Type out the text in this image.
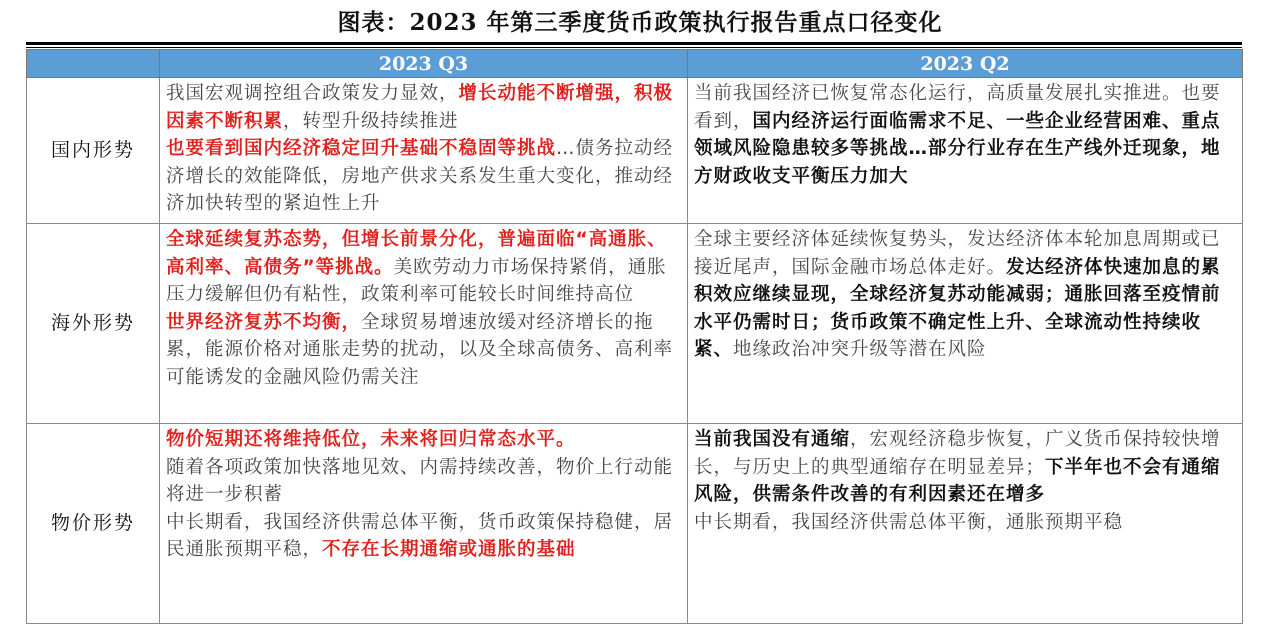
图表：2023 年第三季度货币政策执行报告重点口径变化
	2023 Q3	2023 Q2
国内形势	我国宏观调控组合政策发力显效，增长动能不断增强，积极因素不断积累，转型升级持续推进
也要看到国内经济稳定回升基础不稳固等挑战…债务拉动经济增长的效能降低，房地产供求关系发生重大变化，推动经济加快转型的紧迫性上升	当前我国经济已恢复常态化运行，高质量发展扎实推进。也要看到，国内经济运行面临需求不足、一些企业经营困难、重点领域风险隐患较多等挑战…部分行业存在生产线外迁现象，地方财政收支平衡压力加大

海外形势	全球延续复苏态势，但增长前景分化，普遍面临“高通胀、高利率、高债务”等挑战。美欧劳动力市场保持紧俏，通胀压力缓解但仍有粘性，政策利率可能较长时间维持高位
世界经济复苏不均衡，全球贸易增速放缓对经济增长的拖累，能源价格对通胀走势的扰动，以及全球高债务、高利率可能诱发的金融风险仍需关注	全球主要经济体延续恢复势头，发达经济体本轮加息周期或已接近尾声，国际金融市场总体走好。发达经济体快速加息的累积效应继续显现，全球经济复苏动能减弱；通胀回落至疫情前水平仍需时日；货币政策不确定性上升、全球流动性持续收紧、地缘政治冲突升级等潜在风险

物价形势	物价短期还将维持低位，未来将回归常态水平。
随着各项政策加快落地见效、内需持续改善，物价上行动能将进一步积蓄
中长期看，我国经济供需总体平衡，货币政策保持稳健，居民通胀预期平稳，不存在长期通缩或通胀的基础	当前我国没有通缩，宏观经济稳步恢复，广义货币保持较快增长，与历史上的典型通缩存在明显差异；下半年也不会有通缩风险，供需条件改善的有利因素还在增多
中长期看，我国经济供需总体平衡，通胀预期平稳
